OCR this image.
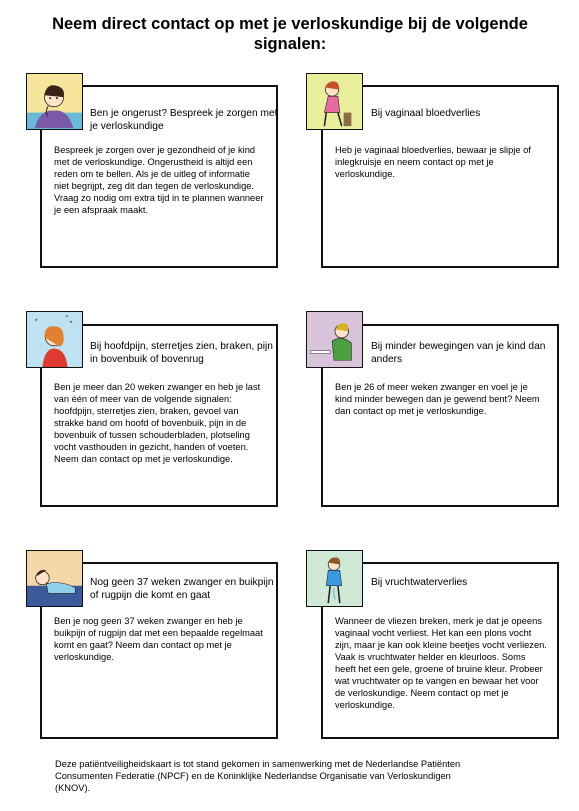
Neem direct contact op met je verloskundige bij de volgende signalen:
Ben je ongerust? Bespreek je zorgen met je verloskundige
Bespreek je zorgen over je gezondheid of je kind met de verloskundige. Ongerustheid is altijd een reden om te bellen. Als je de uitleg of informatie niet begrijpt, zeg dit dan tegen de verloskundige. Vraag zo nodig om extra tijd in te plannen wanneer je een afspraak maakt.
Bij vaginaal bloedverlies
Heb je vaginaal bloedverlies, bewaar je slipje of inlegkruisje en neem contact op met je verloskundige.
Bij hoofdpijn, sterretjes zien, braken, pijn in bovenbuik of bovenrug
Ben je meer dan 20 weken zwanger en heb je last van één of meer van de volgende signalen: hoofdpijn, sterretjes zien, braken, gevoel van strakke band om hoofd of bovenbuik, pijn in de bovenbuik of tussen schouderbladen, plotseling vocht vasthouden in gezicht, handen of voeten. Neem dan contact op met je verloskundige.
*	*
*
Bij minder bewegingen van je kind dan anders
Ben je 26 of meer weken zwanger en voel je je kind minder bewegen dan je gewend bent? Neem dan contact op met je verloskundige.
Nog geen 37 weken zwanger en buikpijn of rugpijn die komt en gaat
Ben je nog geen 37 weken zwanger en heb je buikpijn of rugpijn dat met een bepaalde regelmaat komt en gaat? Neem dan contact op met je verloskundige.
Bij vruchtwaterverlies
Wanneer de vliezen breken, merk je dat je opeens vaginaal vocht verliest. Het kan een plons vocht zijn, maar je kan ook kleine beetjes vocht verliezen. Vaak is vruchtwater helder en kleurloos. Soms heeft het een gele, groene of bruine kleur. Probeer wat vruchtwater op te vangen en bewaar het voor de verloskundige. Neem contact op met je verloskundige.
Deze patiëntveiligheidskaart is tot stand gekomen in samenwerking met de Nederlandse Patiënten Consumenten Federatie (NPCF) en de Koninklijke Nederlandse Organisatie van Verloskundigen (KNOV).
